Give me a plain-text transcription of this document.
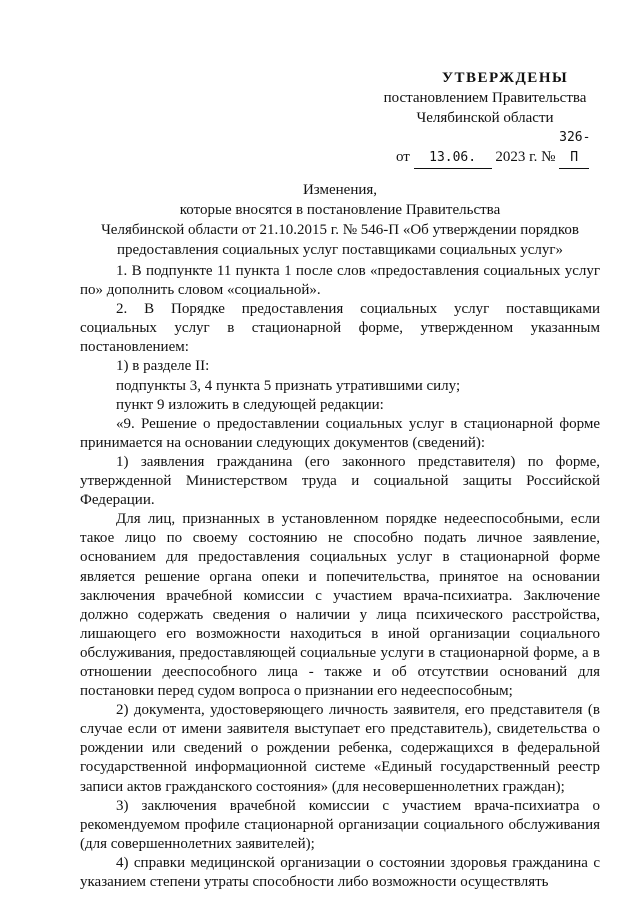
УТВЕРЖДЕНЫ
постановлением Правительства
Челябинской области
от 13.06. 2023 г. № 326-П
Изменения,
которые вносятся в постановление Правительства
Челябинской области от 21.10.2015 г. № 546-П «Об утверждении порядков
предоставления социальных услуг поставщиками социальных услуг»

1. В подпункте 11 пункта 1 после слов «предоставления социальных услуг по» дополнить словом «социальной».

2. В Порядке предоставления социальных услуг поставщиками социальных услуг в стационарной форме, утвержденном указанным постановлением:

1) в разделе II:

подпункты 3, 4 пункта 5 признать утратившими силу;

пункт 9 изложить в следующей редакции:

«9. Решение о предоставлении социальных услуг в стационарной форме принимается на основании следующих документов (сведений):

1) заявления гражданина (его законного представителя) по форме, утвержденной Министерством труда и социальной защиты Российской Федерации.

Для лиц, признанных в установленном порядке недееспособными, если такое лицо по своему состоянию не способно подать личное заявление, основанием для предоставления социальных услуг в стационарной форме является решение органа опеки и попечительства, принятое на основании заключения врачебной комиссии с участием врача-психиатра. Заключение должно содержать сведения о наличии у лица психического расстройства, лишающего его возможности находиться в иной организации социального обслуживания, предоставляющей социальные услуги в стационарной форме, а в отношении дееспособного лица - также и об отсутствии оснований для постановки перед судом вопроса о признании его недееспособным;

2) документа, удостоверяющего личность заявителя, его представителя (в случае если от имени заявителя выступает его представитель), свидетельства о рождении или сведений о рождении ребенка, содержащихся в федеральной государственной информационной системе «Единый государственный реестр записи актов гражданского состояния» (для несовершеннолетних граждан);

3) заключения врачебной комиссии с участием врача-психиатра о рекомендуемом профиле стационарной организации социального обслуживания (для совершеннолетних заявителей);

4) справки медицинской организации о состоянии здоровья гражданина с указанием степени утраты способности либо возможности осуществлять
